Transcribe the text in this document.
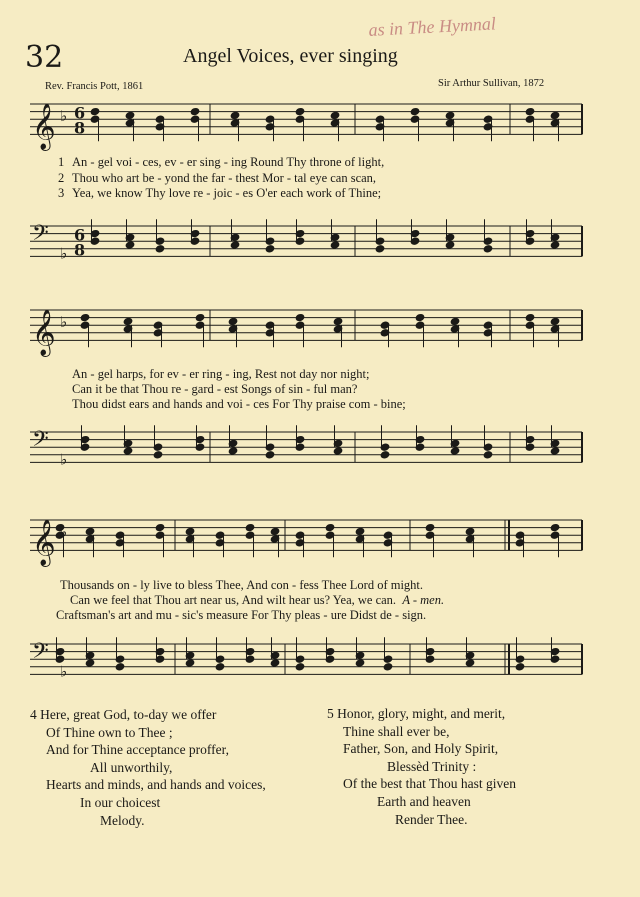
32	Angel Voices, ever singing
as in The Hymnal
Rev. Francis Pott, 1861	Sir Arthur Sullivan, 1872
𝄞 ♭ 6
8
𝄢
♭
6
8
𝄞 ♭
𝄢
♭
𝄞 ♭
𝄢
♭
1 An - gel voi - ces, ev - er sing - ing Round Thy throne of light,
2 Thou who art be - yond the far - thest Mor - tal eye can scan,
3 Yea, we know Thy love re - joic - es O'er each work of Thine;
An - gel harps, for ev - er ring - ing, Rest not day nor night;
Can it be that Thou re - gard - est Songs of sin - ful man?
Thou didst ears and hands and voi - ces For Thy praise com - bine;
Thousands on - ly live to bless Thee, And con - fess Thee Lord of might.
Can we feel that Thou art near us, And wilt hear us? Yea, we can. A - men.
Craftsman's art and mu - sic's measure For Thy pleas - ure Didst de - sign.
4 Here, great God, to-day we offer
Of Thine own to Thee ;
And for Thine acceptance proffer,
All unworthily,
Hearts and minds, and hands and voices,
In our choicest
Melody.
5 Honor, glory, might, and merit,
Thine shall ever be,
Father, Son, and Holy Spirit,
Blessèd Trinity :
Of the best that Thou hast given
Earth and heaven
Render Thee.
